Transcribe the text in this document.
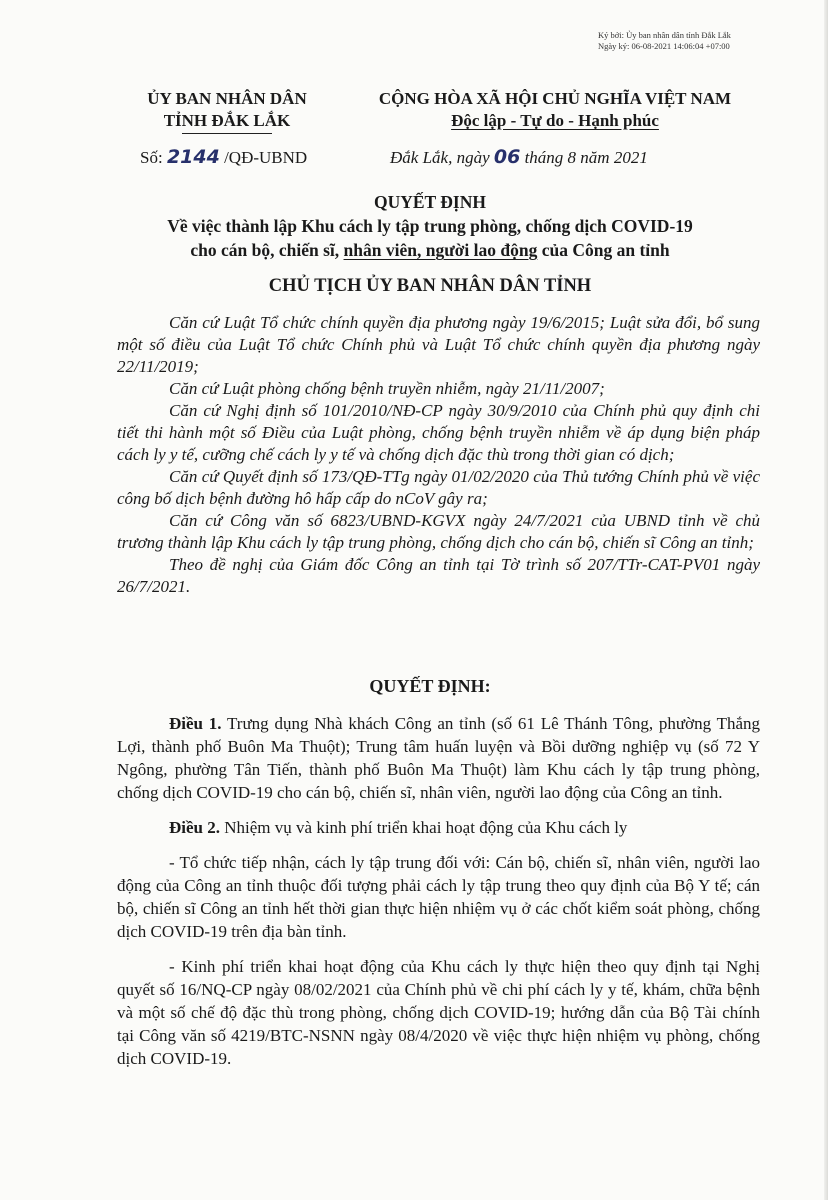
Ký bởi: Ủy ban nhân dân tỉnh Đắk Lắk
Ngày ký: 06-08-2021 14:06:04 +07:00
ỦY BAN NHÂN DÂN
TỈNH ĐẮK LẮK
CỘNG HÒA XÃ HỘI CHỦ NGHĨA VIỆT NAM
Độc lập - Tự do - Hạnh phúc
Số: 2144 /QĐ-UBND	Đắk Lắk, ngày 06 tháng 8 năm 2021
QUYẾT ĐỊNH
Về việc thành lập Khu cách ly tập trung phòng, chống dịch COVID-19
cho cán bộ, chiến sĩ, nhân viên, người lao động của Công an tỉnh
CHỦ TỊCH ỦY BAN NHÂN DÂN TỈNH

Căn cứ Luật Tổ chức chính quyền địa phương ngày 19/6/2015; Luật sửa đổi, bổ sung một số điều của Luật Tổ chức Chính phủ và Luật Tổ chức chính quyền địa phương ngày 22/11/2019;

Căn cứ Luật phòng chống bệnh truyền nhiễm, ngày 21/11/2007;

Căn cứ Nghị định số 101/2010/NĐ-CP ngày 30/9/2010 của Chính phủ quy định chi tiết thi hành một số Điều của Luật phòng, chống bệnh truyền nhiễm về áp dụng biện pháp cách ly y tế, cưỡng chế cách ly y tế và chống dịch đặc thù trong thời gian có dịch;

Căn cứ Quyết định số 173/QĐ-TTg ngày 01/02/2020 của Thủ tướng Chính phủ về việc công bố dịch bệnh đường hô hấp cấp do nCoV gây ra;

Căn cứ Công văn số 6823/UBND-KGVX ngày 24/7/2021 của UBND tỉnh về chủ trương thành lập Khu cách ly tập trung phòng, chống dịch cho cán bộ, chiến sĩ Công an tỉnh;

Theo đề nghị của Giám đốc Công an tỉnh tại Tờ trình số 207/TTr-CAT-PV01 ngày 26/7/2021.

QUYẾT ĐỊNH:

Điều 1. Trưng dụng Nhà khách Công an tỉnh (số 61 Lê Thánh Tông, phường Thắng Lợi, thành phố Buôn Ma Thuột); Trung tâm huấn luyện và Bồi dưỡng nghiệp vụ (số 72 Y Ngông, phường Tân Tiến, thành phố Buôn Ma Thuột) làm Khu cách ly tập trung phòng, chống dịch COVID-19 cho cán bộ, chiến sĩ, nhân viên, người lao động của Công an tỉnh.

Điều 2. Nhiệm vụ và kinh phí triển khai hoạt động của Khu cách ly

- Tổ chức tiếp nhận, cách ly tập trung đối với: Cán bộ, chiến sĩ, nhân viên, người lao động của Công an tỉnh thuộc đối tượng phải cách ly tập trung theo quy định của Bộ Y tế; cán bộ, chiến sĩ Công an tỉnh hết thời gian thực hiện nhiệm vụ ở các chốt kiểm soát phòng, chống dịch COVID-19 trên địa bàn tỉnh.

- Kinh phí triển khai hoạt động của Khu cách ly thực hiện theo quy định tại Nghị quyết số 16/NQ-CP ngày 08/02/2021 của Chính phủ về chi phí cách ly y tế, khám, chữa bệnh và một số chế độ đặc thù trong phòng, chống dịch COVID-19; hướng dẫn của Bộ Tài chính tại Công văn số 4219/BTC-NSNN ngày 08/4/2020 về việc thực hiện nhiệm vụ phòng, chống dịch COVID-19.
